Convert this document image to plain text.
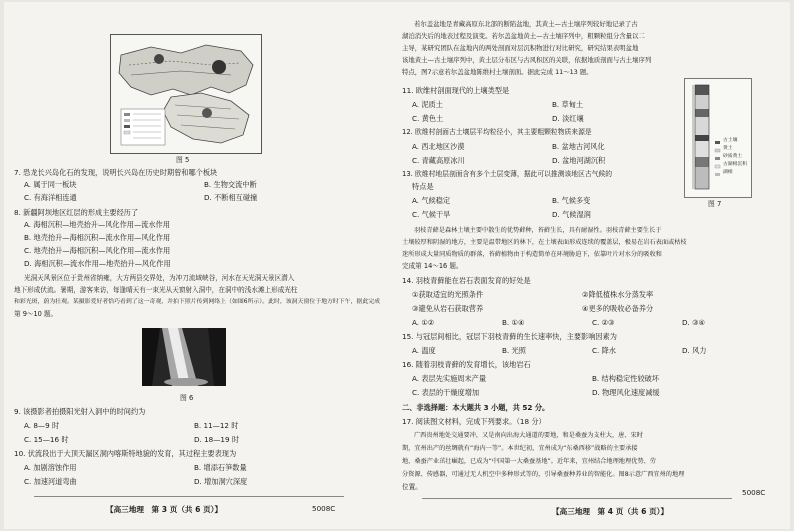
图 5
7. 恐龙长兴岛化石的发现，说明长兴岛在历史时期曾和哪个板块
A. 属于同一板块	B. 生物交流中断
C. 有海洋相连通	D. 不断相互碰撞
8. 新疆阿坝地区红层的形成主要经历了
A. 海相沉积—地壳抬升—风化作用—流水作用
B. 地壳抬升—海相沉积—流水作用—风化作用
C. 地壳抬升—海相沉积—风化作用—流水作用
D. 海相沉积—流水作用—地壳抬升—风化作用
光洞天风景区位于贵州省纳雍，大方两县交界处，为冲刀流域峡谷，河水在天光洞天景区潜入
地下形成伏流。暑期，游客来访，每逢晴天有一束光从天窗射入洞中，在洞中的浅水滩上形成光柱
和彩光斑，蔚为壮观。某摄影爱好者恰巧看到了这一奇观，并拍下照片传到网络上（如图6所示）。此时，该洞天窗位于地方时下午，据此完成
第 9～10 题。
图 6
9. 该摄影者拍摄阳光射入洞中的时间约为
A. 8—9 时	B. 11—12 时
C. 15—16 时	D. 18—19 时
10. 伏流段出于大顶天漏区洞内喀斯特地貌的发育，其过程主要表现为
A. 加剧溶蚀作用	B. 增添石笋数量
C. 加速河道弯曲	D. 增加洞穴深度
【高三地理　第 3 页（共 6 页）】	5008C
若尔盖盆地是青藏高原东北部的断陷盆地，其黄土—古土壤序列较好地记录了古
湖泊消失后的地表过程及演变。若尔盖盆地黄土—古土壤序列中，粗颗粒组分含量以二
主导，某研究团队在盆地内的两处剖面对层沉积物进行对比研究，研究结果表明盆地
该地黄土—古土壤序列中，黄土层分布区与古风积区的关联，依据地质剖面与古土壤序列
特点，图7示意若尔盖盆地陈维村土壤剖面。据此完成 11～13 题。
古土壤
黄土
砂质黄土
古湖相沉积
湖相
图 7
11. 欧维村剖面现代的上壤类型是
A. 泥质土	B. 草甸土
C. 黄色土	D. 淡红壤
12. 欧维村剖面古土壤层平均粒径小，其主要粗颗粒物质来源是
A. 西北地区沙漠	B. 盆地古河风化
C. 青藏高原冰川	D. 盆地河湖沉积
13. 欧维村地层剖面含有多个土层变薄，据此可以推测该地区古气候的
特点是
A. 气候稳定	B. 气候多变
C. 气候干旱	D. 气候湿润
羽枝青藓是森林土壤主要中散生的优势藓种，苔藓生长，具有耐湿性。羽枝青藓主要生长于
土壤较厚和阴湿的地方，主要是温带地区的林下，在土壤表面形成连续的覆盖层，极易在岩石表面或枯枝
迷所形成大量同质物质的群落，苔藓植物由于构造简单在环境胁迫下，依靠叶片对水分的吸收和
完成第 14～16 题。
14. 羽枝青藓能在岩石表面发育的好处是
①获取适宜的光照条件	②降低植株水分蒸发率
③避免从岩石获取营养	④更多的吸收必备养分
A. ①②	B. ①④	C. ②③	D. ③④
15. 与冠层间相比，冠层下羽枝青藓的生长速率快，主要影响因素为
A. 温度	B. 光照	C. 降水	D. 风力
16. 随着羽枝青藓的发育增长，该地岩石
A. 表层先实施周末产量	B. 结构稳定性较破坏
C. 表层的干燥度增加	D. 物理风化速度减缓
二、非选择题：本大题共 3 小题，共 52 分。
17. 阅读图文材料，完成下列要求。（18 分）
广西贵州地处交通要冲，又是南向出海大通道的要地，和是桑蚕为支柱大，唐、宋时
期，宜州出产的丝绸就有“海内一等”。本世纪初，宜州成为“东桑西移”战略的主要承接
地，桑蚕产业茁壮崛起，已成为“中国第一大桑蚕基地”。近年来，宜州结合地理地理优势、劳
分资源、传感器，可通过无人机空中多种形式等的，引导桑蚕种养业的智能化。图8示意广西宜州的地理
位置。
【高三地理　第 4 页（共 6 页）】
5008C
